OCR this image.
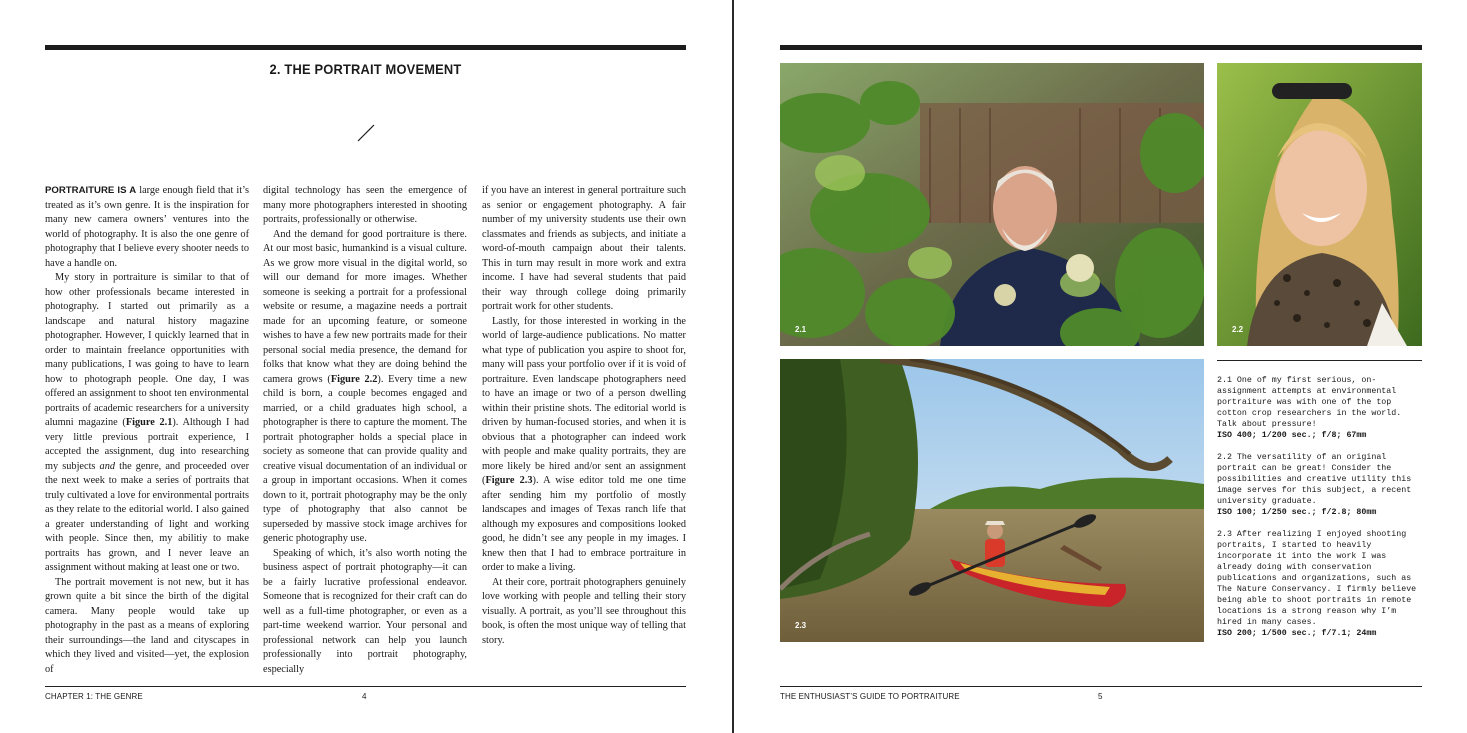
2. THE PORTRAIT MOVEMENT

PORTRAITURE IS A large enough field that it’s treated as it’s own genre. It is the inspiration for many new camera owners’ ventures into the world of photography. It is also the one genre of photography that I believe every shooter needs to have a handle on.

My story in portraiture is similar to that of how other professionals became interested in photography. I started out primarily as a landscape and natural history magazine photographer. However, I quickly learned that in order to maintain freelance opportunities with many publications, I was going to have to learn how to photograph people. One day, I was offered an assignment to shoot ten environmental portraits of academic researchers for a university alumni magazine (Figure 2.1). Although I had very little previous portrait experience, I accepted the assignment, dug into researching my subjects and the genre, and proceeded over the next week to make a series of portraits that truly cultivated a love for environmental portraits as they relate to the editorial world. I also gained a greater understanding of light and working with people. Since then, my abilitiy to make portraits has grown, and I never leave an assignment without making at least one or two.

The portrait movement is not new, but it has grown quite a bit since the birth of the digital camera. Many people would take up photography in the past as a means of exploring their surroundings—the land and cityscapes in which they lived and visited—yet, the explosion of

digital technology has seen the emergence of many more photographers interested in shooting portraits, professionally or otherwise.

And the demand for good portraiture is there. At our most basic, humankind is a visual culture. As we grow more visual in the digital world, so will our demand for more images. Whether someone is seeking a portrait for a professional website or resume, a magazine needs a portrait made for an upcoming feature, or someone wishes to have a few new portraits made for their personal social media presence, the demand for folks that know what they are doing behind the camera grows (Figure 2.2). Every time a new child is born, a couple becomes engaged and married, or a child graduates high school, a photographer is there to capture the moment. The portrait photographer holds a special place in society as someone that can provide quality and creative visual documentation of an individual or a group in important occasions. When it comes down to it, portrait photography may be the only type of photography that also cannot be superseded by massive stock image archives for generic photography use.

Speaking of which, it’s also worth noting the business aspect of portrait photography—it can be a fairly lucrative professional endeavor. Someone that is recognized for their craft can do well as a full-time photographer, or even as a part-time weekend warrior. Your personal and professional network can help you launch professionally into portrait photography, especially

if you have an interest in general portraiture such as senior or engagement photography. A fair number of my university students use their own classmates and friends as subjects, and initiate a word-of-mouth campaign about their talents. This in turn may result in more work and extra income. I have had several students that paid their way through college doing primarily portrait work for other students.

Lastly, for those interested in working in the world of large-audience publications. No matter what type of publication you aspire to shoot for, many will pass your portfolio over if it is void of portraiture. Even landscape photographers need to have an image or two of a person dwelling within their pristine shots. The editorial world is driven by human-focused stories, and when it is obvious that a photographer can indeed work with people and make quality portraits, they are more likely be hired and/or sent an assignment (Figure 2.3). A wise editor told me one time after sending him my portfolio of mostly landscapes and images of Texas ranch life that although my exposures and compositions looked good, he didn’t see any people in my images. I knew then that I had to embrace portraiture in order to make a living.

At their core, portrait photographers genuinely love working with people and telling their story visually. A portrait, as you’ll see throughout this book, is often the most unique way of telling that story.

CHAPTER 1: THE GENRE	4
2.1	2.2
2.3
2.1 One of my first serious, on-assignment attempts at environmental portraiture was with one of the top cotton crop researchers in the world. Talk about pressure!
ISO 400; 1/200 sec.; f/8; 67mm
2.2 The versatility of an original portrait can be great! Consider the possibilities and creative utility this image serves for this subject, a recent university graduate.
ISO 100; 1/250 sec.; f/2.8; 80mm
2.3 After realizing I enjoyed shooting portraits, I started to heavily incorporate it into the work I was already doing with conservation publications and organizations, such as The Nature Conservancy. I firmly believe being able to shoot portraits in remote locations is a strong reason why I’m hired in many cases.
ISO 200; 1/500 sec.; f/7.1; 24mm
THE ENTHUSIAST’S GUIDE TO PORTRAITURE	5
